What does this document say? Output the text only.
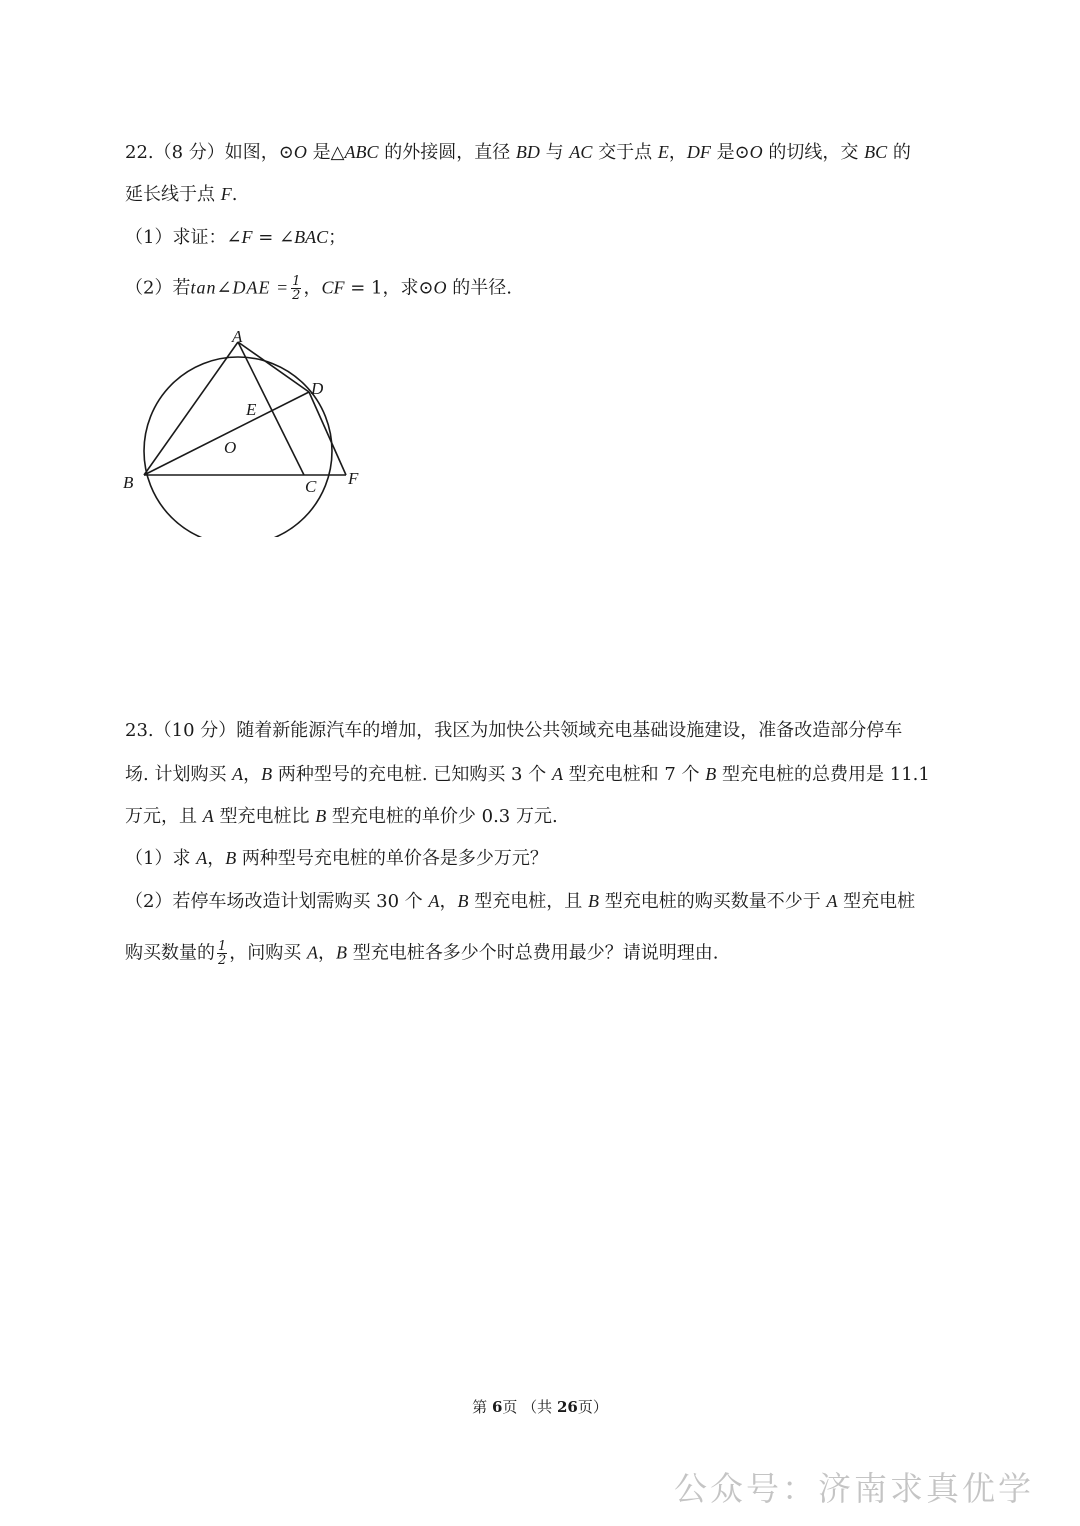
22.（8 分）如图，⊙O 是△ABC 的外接圆，直径 BD 与 AC 交于点 E，DF 是⊙O 的切线，交 BC 的
延长线于点 F.
（1）求证：∠F = ∠BAC；
（2）若tan∠DAE = $\frac{1}{2}$ ，CF = 1，求⊙O 的半径.
A
B	C
D
E
O
F
23.（10 分）随着新能源汽车的增加，我区为加快公共领域充电基础设施建设，准备改造部分停车
场. 计划购买 A，B 两种型号的充电桩. 已知购买 3 个 A 型充电桩和 7 个 B 型充电桩的总费用是 11.1
万元，且 A 型充电桩比 B 型充电桩的单价少 0.3 万元.
（1）求 A，B 两种型号充电桩的单价各是多少万元？
（2）若停车场改造计划需购买 30 个 A，B 型充电桩，且 B 型充电桩的购买数量不少于 A 型充电桩
购买数量的 $\frac{1}{2}$ ，问购买 A，B 型充电桩各多少个时总费用最少？请说明理由.
第 6页 （共 26页）
公众号：济南求真优学
